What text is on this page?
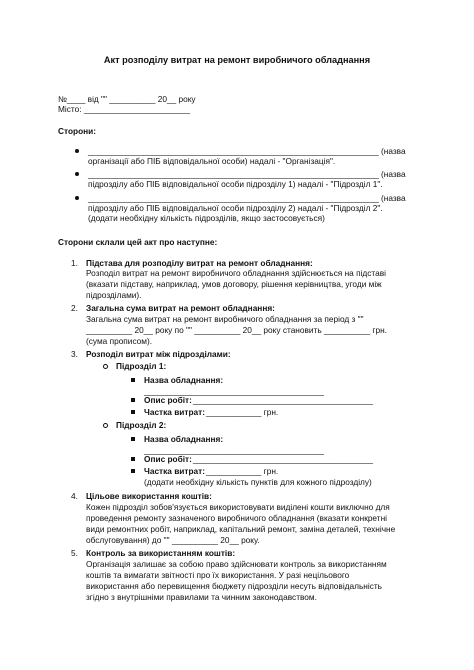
Акт розподілу витрат на ремонт виробничого обладнання
№____ від "" __________ 20__ року
Місто: _______________________
Сторони:
_______________________________________________________________ (назва
організації або ПІБ відповідальної особи) надалі - "Організація".
_______________________________________________________________ (назва
підрозділу або ПІБ відповідальної особи підрозділу 1) надалі - "Підрозділ 1".
_______________________________________________________________ (назва
підрозділу або ПІБ відповідальної особи підрозділу 2) надалі - "Підрозділ 2".
(додати необхідну кількість підрозділів, якщо застосовується)
Сторони склали цей акт про наступне:
1. Підстава для розподілу витрат на ремонт обладнання:
Розподіл витрат на ремонт виробничого обладнання здійснюється на підставі
(вказати підставу, наприклад, умов договору, рішення керівництва, угоди між
підрозділами).
2. Загальна сума витрат на ремонт обладнання:
Загальна сума витрат на ремонт виробничого обладнання за період з ""
__________ 20__ року по "" __________ 20__ року становить __________ грн.
(сума прописом).
3. Розподіл витрат між підрозділами:
Підрозділ 1:
Назва обладнання:
_______________________________________
Опис робіт: _______________________________________
Частка витрат: ____________ грн.
Підрозділ 2:
Назва обладнання:
_______________________________________
Опис робіт: _______________________________________
Частка витрат: ____________ грн.
(додати необхідну кількість пунктів для кожного підрозділу)
4. Цільове використання коштів:
Кожен підрозділ зобов'язується використовувати виділені кошти виключно для
проведення ремонту зазначеного виробничого обладнання (вказати конкретні
види ремонтних робіт, наприклад, капітальний ремонт, заміна деталей, технічне
обслуговування) до "" __________ 20__ року.
5. Контроль за використанням коштів:
Організація залишає за собою право здійснювати контроль за використанням
коштів та вимагати звітності про їх використання. У разі нецільового
використання або перевищення бюджету підрозділи несуть відповідальність
згідно з внутрішніми правилами та чинним законодавством.
